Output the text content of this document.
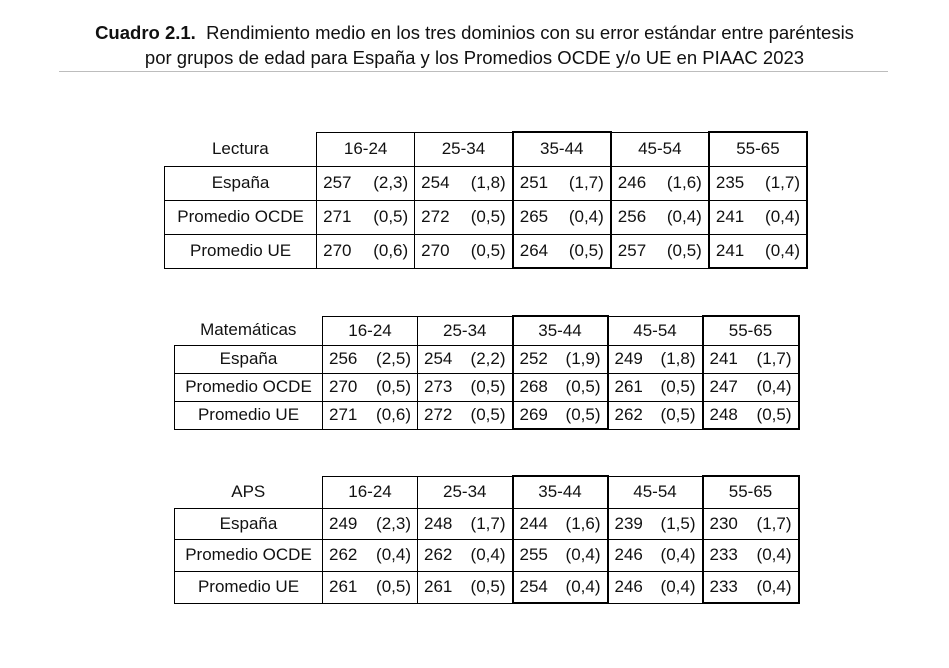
Cuadro 2.1. Rendimiento medio en los tres dominios con su error estándar entre paréntesis
por grupos de edad para España y los Promedios OCDE y/o UE en PIAAC 2023
Lectura	16-24	25-34	35-44	45-54	55-65
España	257 (2,3)	254 (1,8)	251 (1,7)	246 (1,6)	235 (1,7)

Promedio OCDE	271 (0,5)	272 (0,5)	265 (0,4)	256 (0,4)	241 (0,4)

Promedio UE	270 (0,6)	270 (0,5)	264 (0,5)	257 (0,5)	241 (0,4)
Matemáticas	16-24	25-34	35-44	45-54	55-65
España	256 (2,5)	254 (2,2)	252 (1,9)	249 (1,8)	241 (1,7)

Promedio OCDE	270 (0,5)	273 (0,5)	268 (0,5)	261 (0,5)	247 (0,4)

Promedio UE	271 (0,6)	272 (0,5)	269 (0,5)	262 (0,5)	248 (0,5)
APS	16-24	25-34	35-44	45-54	55-65
España	249 (2,3)	248 (1,7)	244 (1,6)	239 (1,5)	230 (1,7)

Promedio OCDE	262 (0,4)	262 (0,4)	255 (0,4)	246 (0,4)	233 (0,4)

Promedio UE	261 (0,5)	261 (0,5)	254 (0,4)	246 (0,4)	233 (0,4)
